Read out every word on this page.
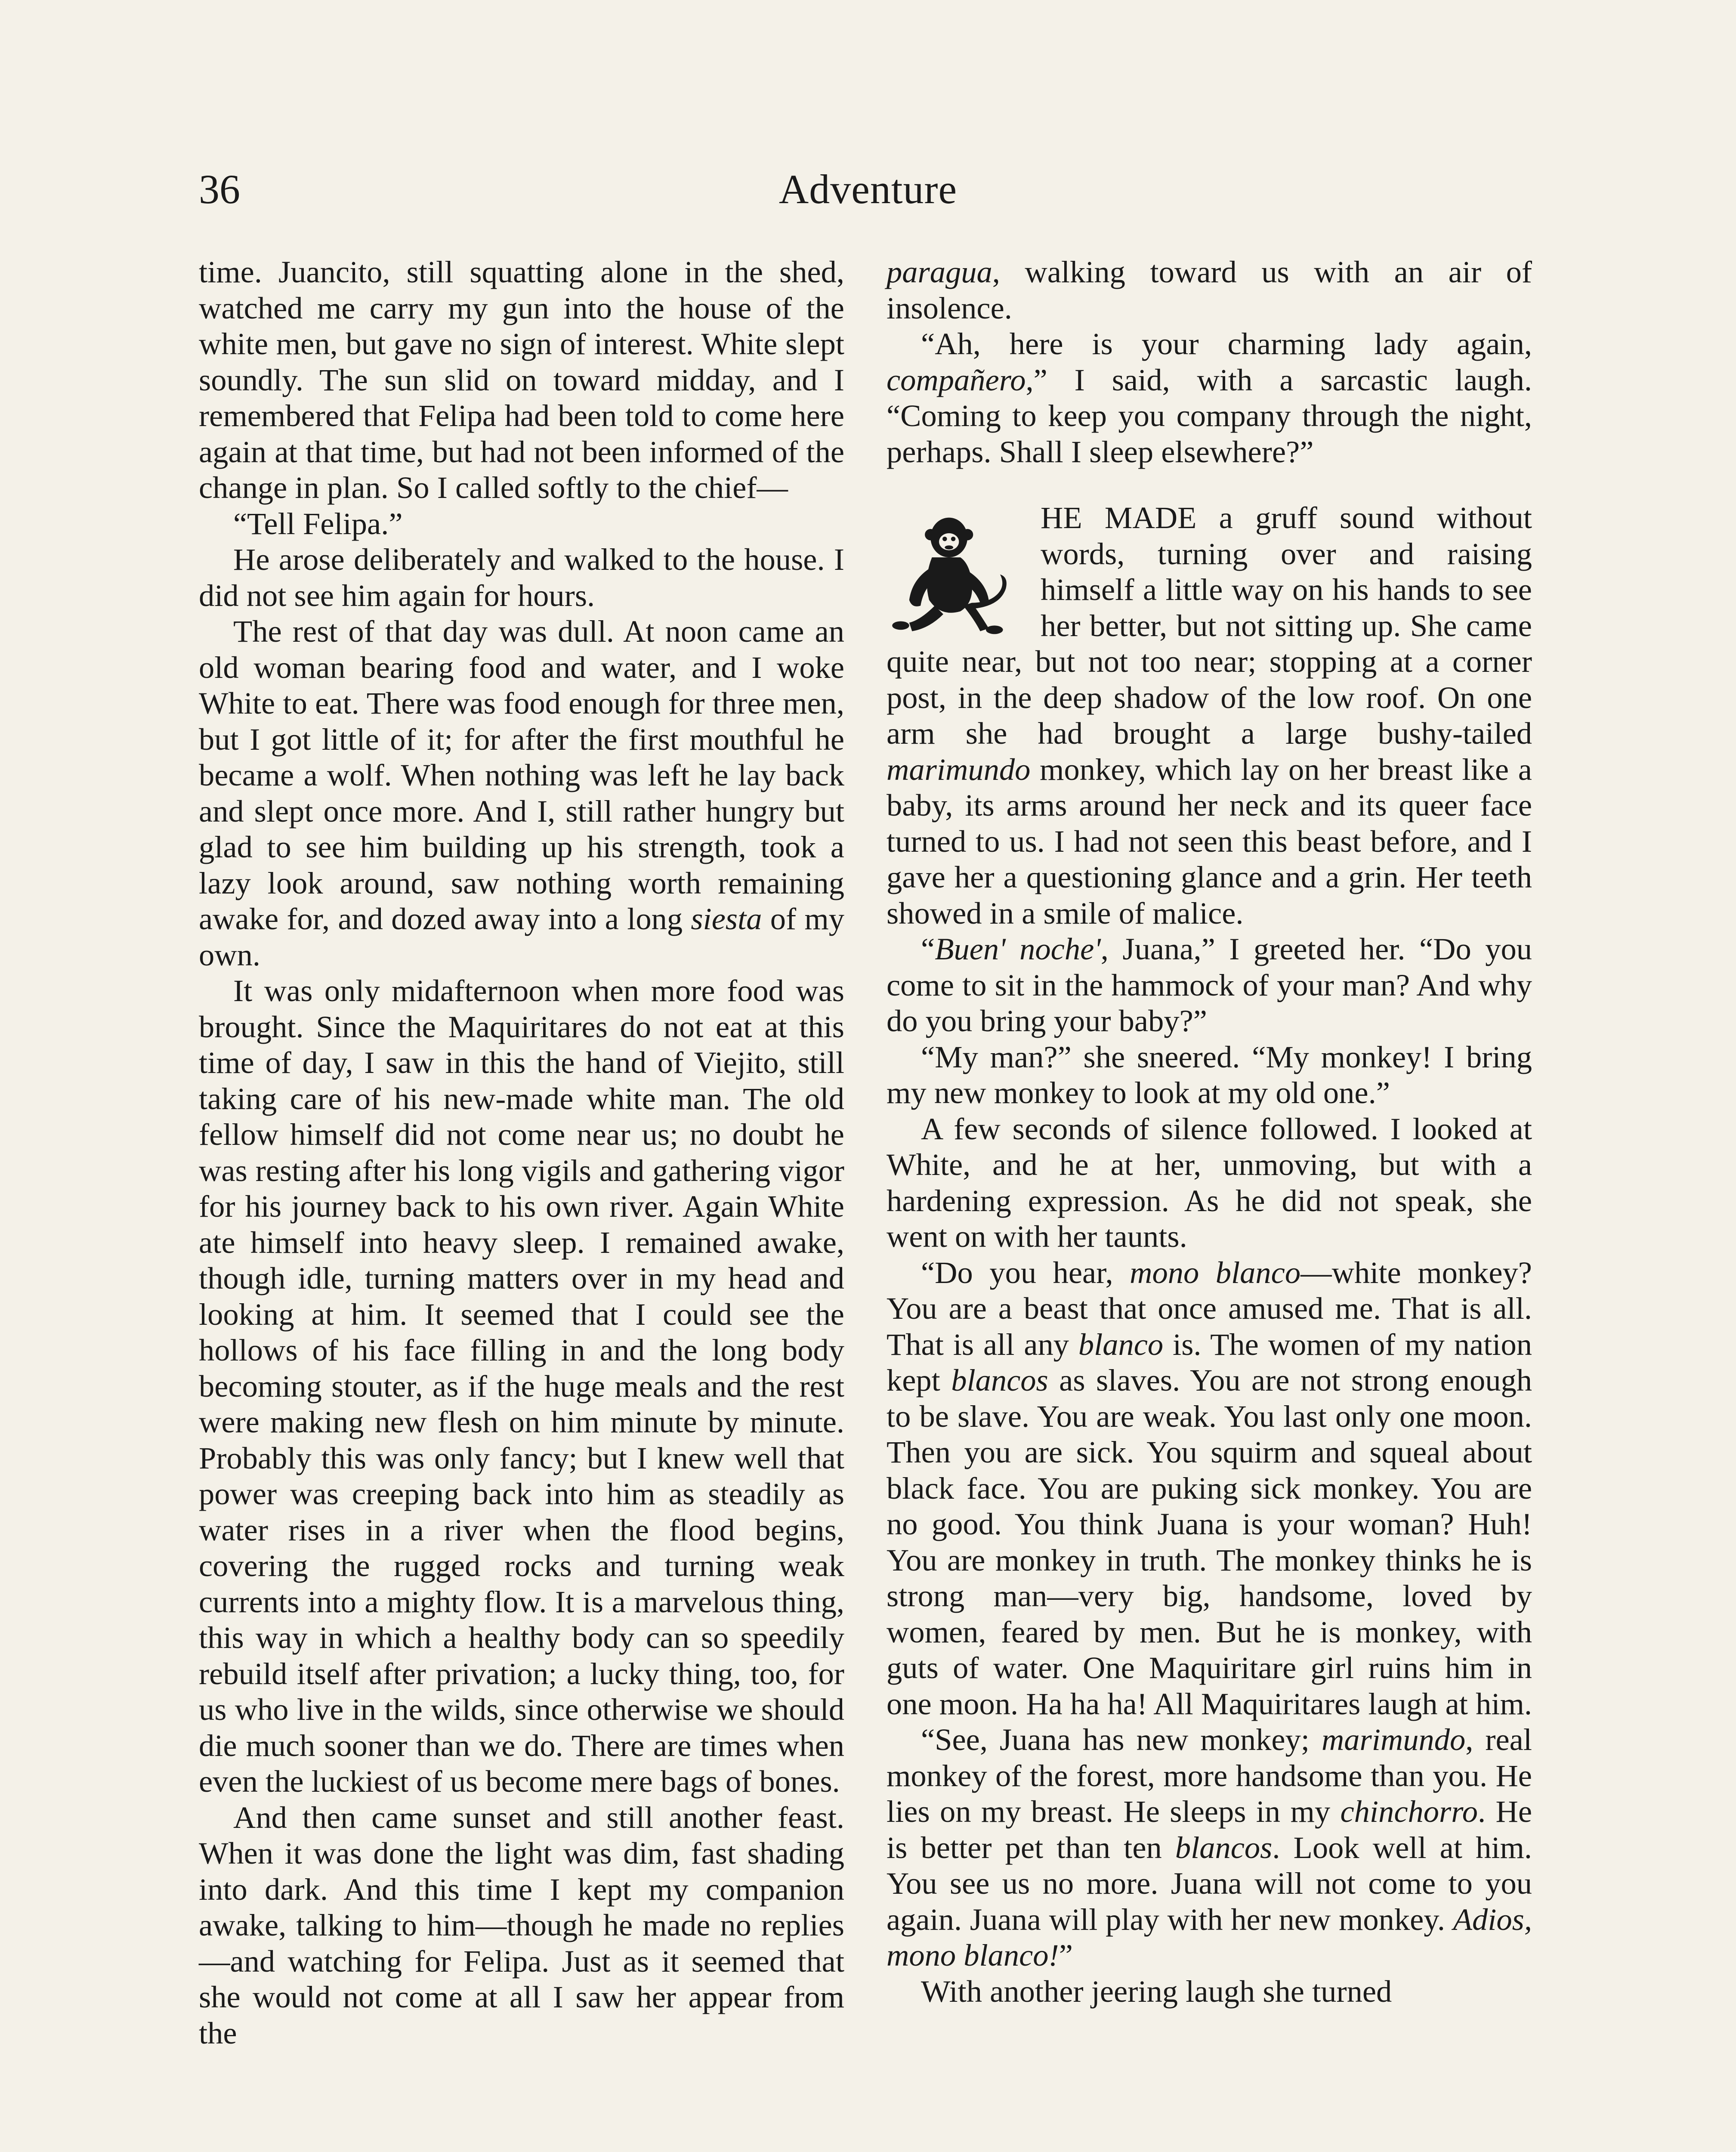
36	Adventure

time. Juancito, still squatting alone in the shed, watched me carry my gun into the house of the white men, but gave no sign of interest. White slept soundly. The sun slid on toward midday, and I remembered that Felipa had been told to come here again at that time, but had not been informed of the change in plan. So I called softly to the chief—

“Tell Felipa.”

He arose deliberately and walked to the house. I did not see him again for hours.

The rest of that day was dull. At noon came an old woman bearing food and water, and I woke White to eat. There was food enough for three men, but I got little of it; for after the first mouthful he became a wolf. When nothing was left he lay back and slept once more. And I, still rather hungry but glad to see him building up his strength, took a lazy look around, saw nothing worth remaining awake for, and dozed away into a long siesta of my own.

It was only midafternoon when more food was brought. Since the Maquiritares do not eat at this time of day, I saw in this the hand of Viejito, still taking care of his new-made white man. The old fellow himself did not come near us; no doubt he was resting after his long vigils and gathering vigor for his journey back to his own river. Again White ate himself into heavy sleep. I remained awake, though idle, turning matters over in my head and looking at him. It seemed that I could see the hollows of his face filling in and the long body becoming stouter, as if the huge meals and the rest were making new flesh on him minute by minute. Probably this was only fancy; but I knew well that power was creeping back into him as steadily as water rises in a river when the flood begins, covering the rugged rocks and turning weak currents into a mighty flow. It is a marvelous thing, this way in which a healthy body can so speedily rebuild itself after privation; a lucky thing, too, for us who live in the wilds, since otherwise we should die much sooner than we do. There are times when even the luckiest of us become mere bags of bones.

And then came sunset and still another feast. When it was done the light was dim, fast shading into dark. And this time I kept my companion awake, talking to him—though he made no replies—and watching for Felipa. Just as it seemed that she would not come at all I saw her appear from the

paragua, walking toward us with an air of insolence.

“Ah, here is your charming lady again, compañero,” I said, with a sarcastic laugh. “Coming to keep you company through the night, perhaps. Shall I sleep elsewhere?”

HE MADE a gruff sound without words, turning over and raising himself a little way on his hands to see her better, but not sitting up. She came quite near, but not too near; stopping at a corner post, in the deep shadow of the low roof. On one arm she had brought a large bushy-tailed marimundo monkey, which lay on her breast like a baby, its arms around her neck and its queer face turned to us. I had not seen this beast before, and I gave her a questioning glance and a grin. Her teeth showed in a smile of malice.

“Buen' noche', Juana,” I greeted her. “Do you come to sit in the hammock of your man? And why do you bring your baby?”

“My man?” she sneered. “My monkey! I bring my new monkey to look at my old one.”

A few seconds of silence followed. I looked at White, and he at her, unmoving, but with a hardening expression. As he did not speak, she went on with her taunts.

“Do you hear, mono blanco—white monkey? You are a beast that once amused me. That is all. That is all any blanco is. The women of my nation kept blancos as slaves. You are not strong enough to be slave. You are weak. You last only one moon. Then you are sick. You squirm and squeal about black face. You are puking sick monkey. You are no good. You think Juana is your woman? Huh! You are monkey in truth. The monkey thinks he is strong man—very big, handsome, loved by women, feared by men. But he is monkey, with guts of water. One Maquiritare girl ruins him in one moon. Ha ha ha! All Maquiritares laugh at him.

“See, Juana has new monkey; marimundo, real monkey of the forest, more handsome than you. He lies on my breast. He sleeps in my chinchorro. He is better pet than ten blancos. Look well at him. You see us no more. Juana will not come to you again. Juana will play with her new monkey. Adios, mono blanco!”

With another jeering laugh she turned
